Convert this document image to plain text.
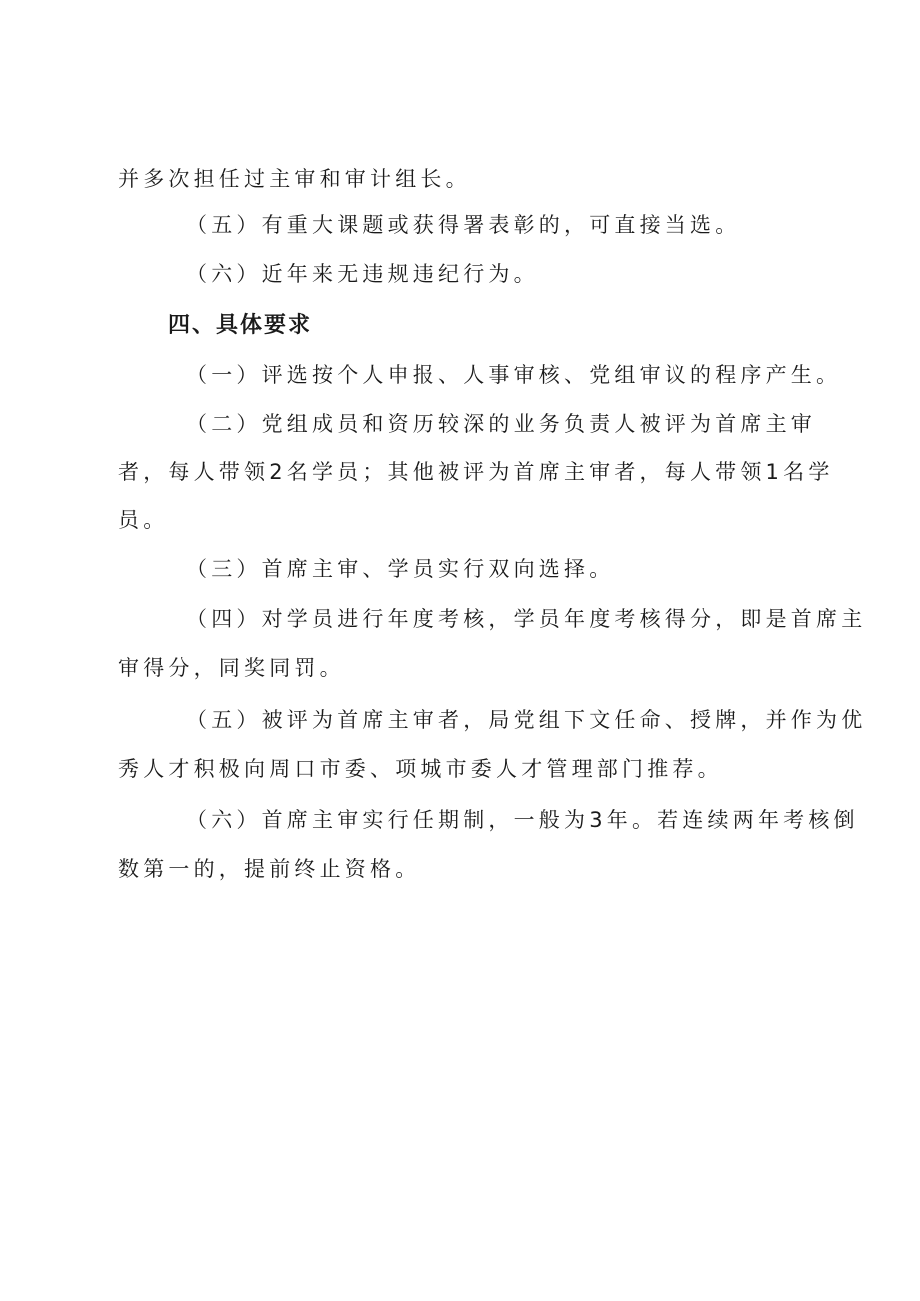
并多次担任过主审和审计组长。
（五）有重大课题或获得署表彰的，可直接当选。
（六）近年来无违规违纪行为。
四、具体要求
（一）评选按个人申报、人事审核、党组审议的程序产生。
（二）党组成员和资历较深的业务负责人被评为首席主审
者，每人带领2名学员；其他被评为首席主审者，每人带领1名学
员。
（三）首席主审、学员实行双向选择。
（四）对学员进行年度考核，学员年度考核得分，即是首席主
审得分，同奖同罚。
（五）被评为首席主审者，局党组下文任命、授牌，并作为优
秀人才积极向周口市委、项城市委人才管理部门推荐。
（六）首席主审实行任期制，一般为3年。若连续两年考核倒
数第一的，提前终止资格。
